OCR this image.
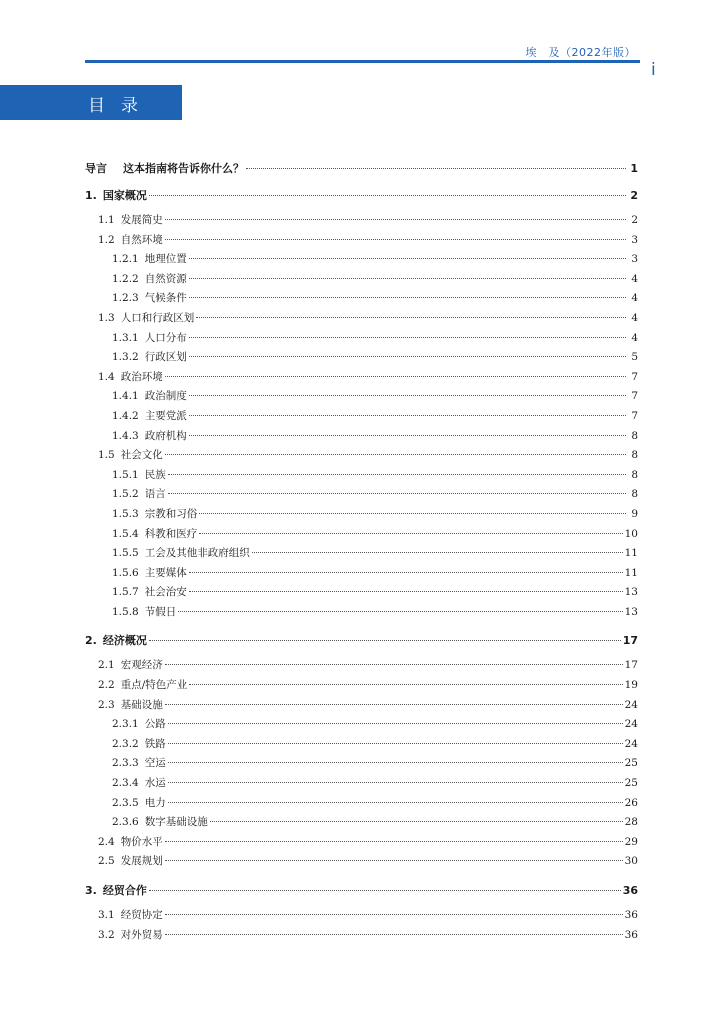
埃　及（2022年版）
i
目录
导言 这本指南将告诉你什么？	1
1. 国家概况	2
1.1 发展简史	2
1.2 自然环境	3
1.2.1 地理位置	3
1.2.2 自然资源	4
1.2.3 气候条件	4
1.3 人口和行政区划	4
1.3.1 人口分布	4
1.3.2 行政区划	5
1.4 政治环境	7
1.4.1 政治制度	7
1.4.2 主要党派	7
1.4.3 政府机构	8
1.5 社会文化	8
1.5.1 民族	8
1.5.2 语言	8
1.5.3 宗教和习俗	9
1.5.4 科教和医疗	10
1.5.5 工会及其他非政府组织	11
1.5.6 主要媒体	11
1.5.7 社会治安	13
1.5.8 节假日	13
2. 经济概况	17
2.1 宏观经济	17
2.2 重点/特色产业	19
2.3 基础设施	24
2.3.1 公路	24
2.3.2 铁路	24
2.3.3 空运	25
2.3.4 水运	25
2.3.5 电力	26
2.3.6 数字基础设施	28
2.4 物价水平	29
2.5 发展规划	30
3. 经贸合作	36
3.1 经贸协定	36
3.2 对外贸易	36
